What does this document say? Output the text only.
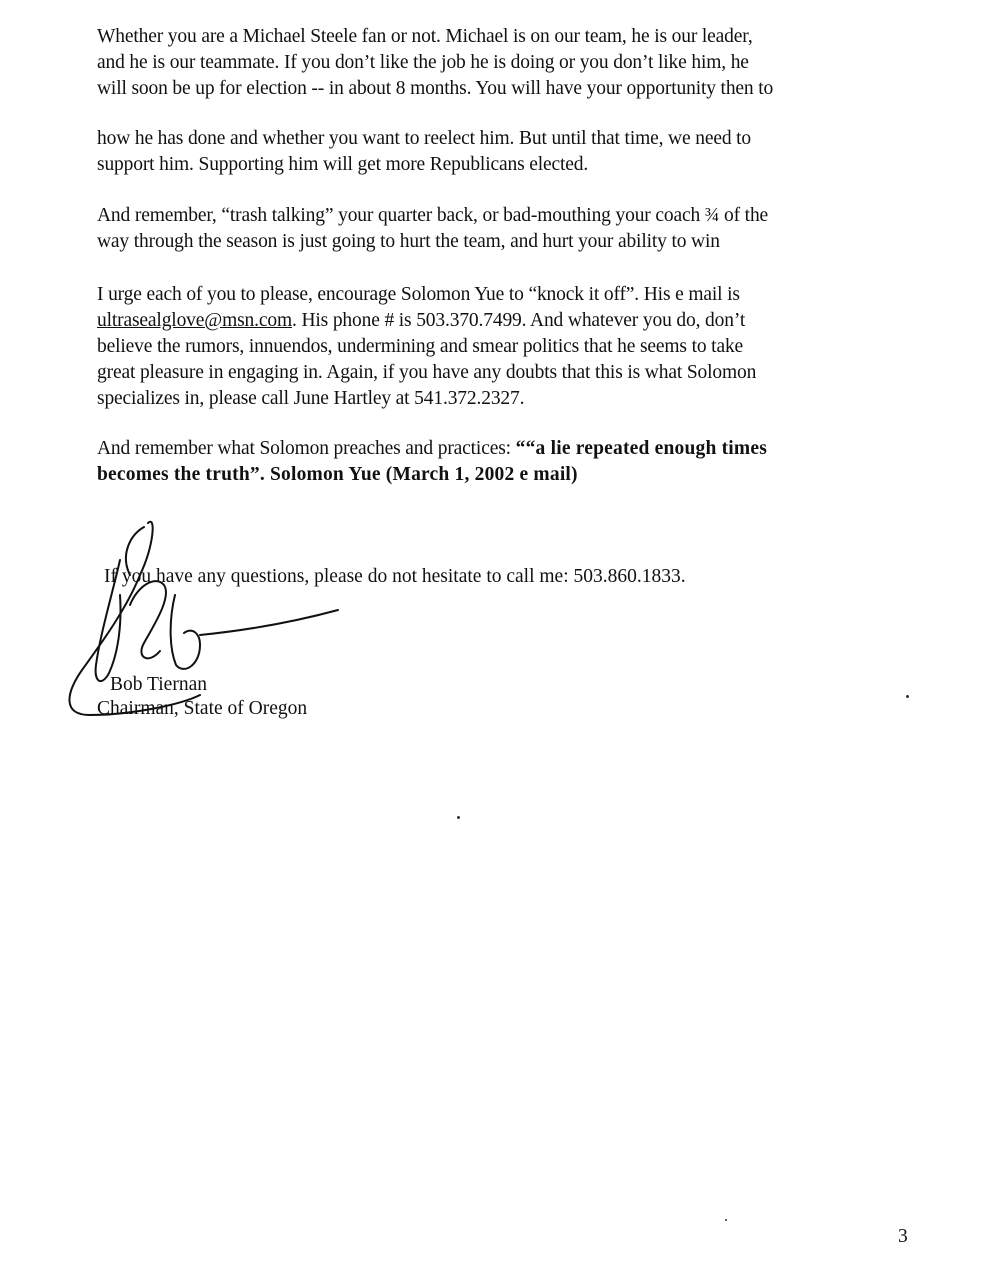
Whether you are a Michael Steele fan or not. Michael is on our team, he is our leader,
and he is our teammate. If you don’t like the job he is doing or you don’t like him, he
will soon be up for election -- in about 8 months. You will have your opportunity then to
how he has done and whether you want to reelect him. But until that time, we need to
support him. Supporting him will get more Republicans elected.
And remember, “trash talking” your quarter back, or bad-mouthing your coach ¾ of the
way through the season is just going to hurt the team, and hurt your ability to win
I urge each of you to please, encourage Solomon Yue to “knock it off”. His e mail is
ultrasealglove@msn.com. His phone # is 503.370.7499. And whatever you do, don’t
believe the rumors, innuendos, undermining and smear politics that he seems to take
great pleasure in engaging in. Again, if you have any doubts that this is what Solomon
specializes in, please call June Hartley at 541.372.2327.
And remember what Solomon preaches and practices: ““a lie repeated enough times
becomes the truth”. Solomon Yue (March 1, 2002 e mail)
If you have any questions, please do not hesitate to call me: 503.860.1833.
Bob Tiernan
Chairman, State of Oregon
3
